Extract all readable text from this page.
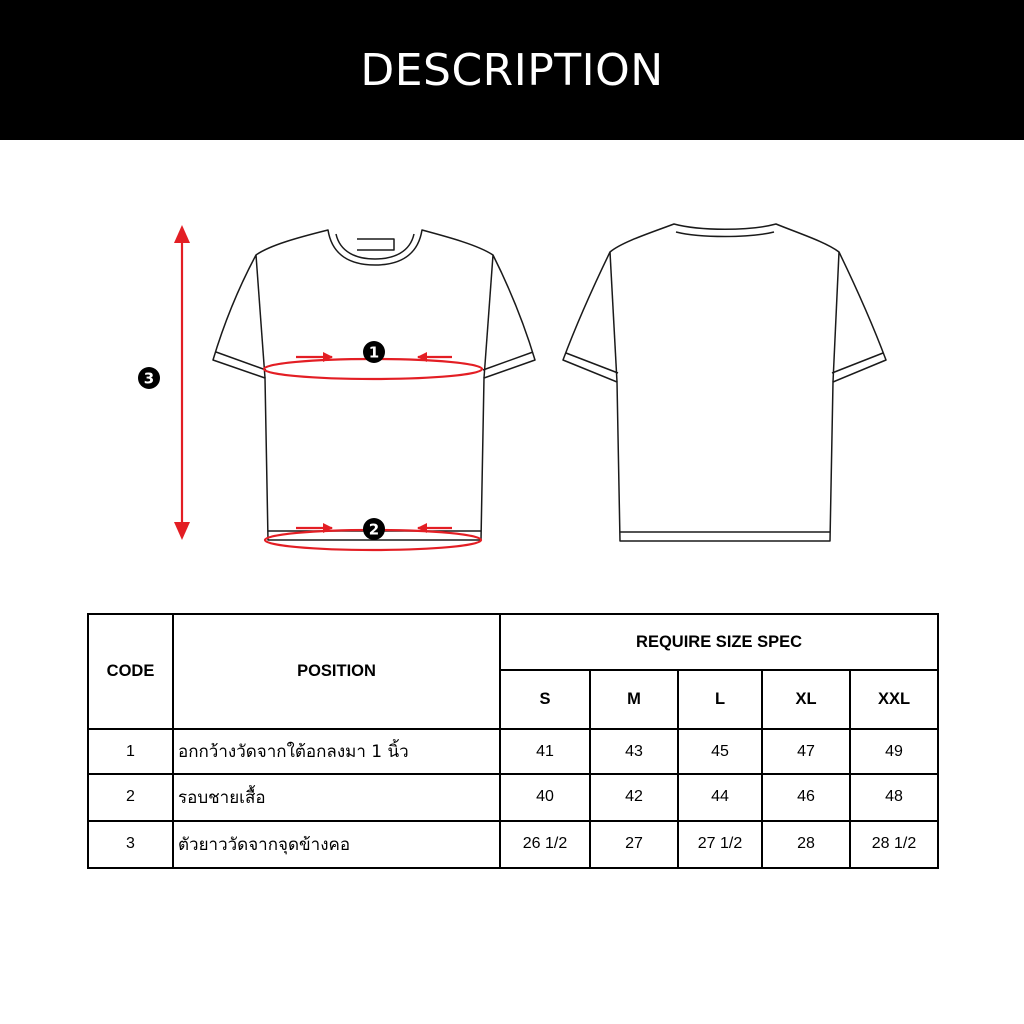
DESCRIPTION
1
2
3
CODE	POSITION	REQUIRE SIZE SPEC				
		S	M	L	XL	XXL
1	อกกว้างวัดจากใต้อกลงมา 1 นิ้ว	41	43	45	47	49
2	รอบชายเสื้อ	40	42	44	46	48
3	ตัวยาววัดจากจุดข้างคอ	26 1/2	27	27 1/2	28	28 1/2
